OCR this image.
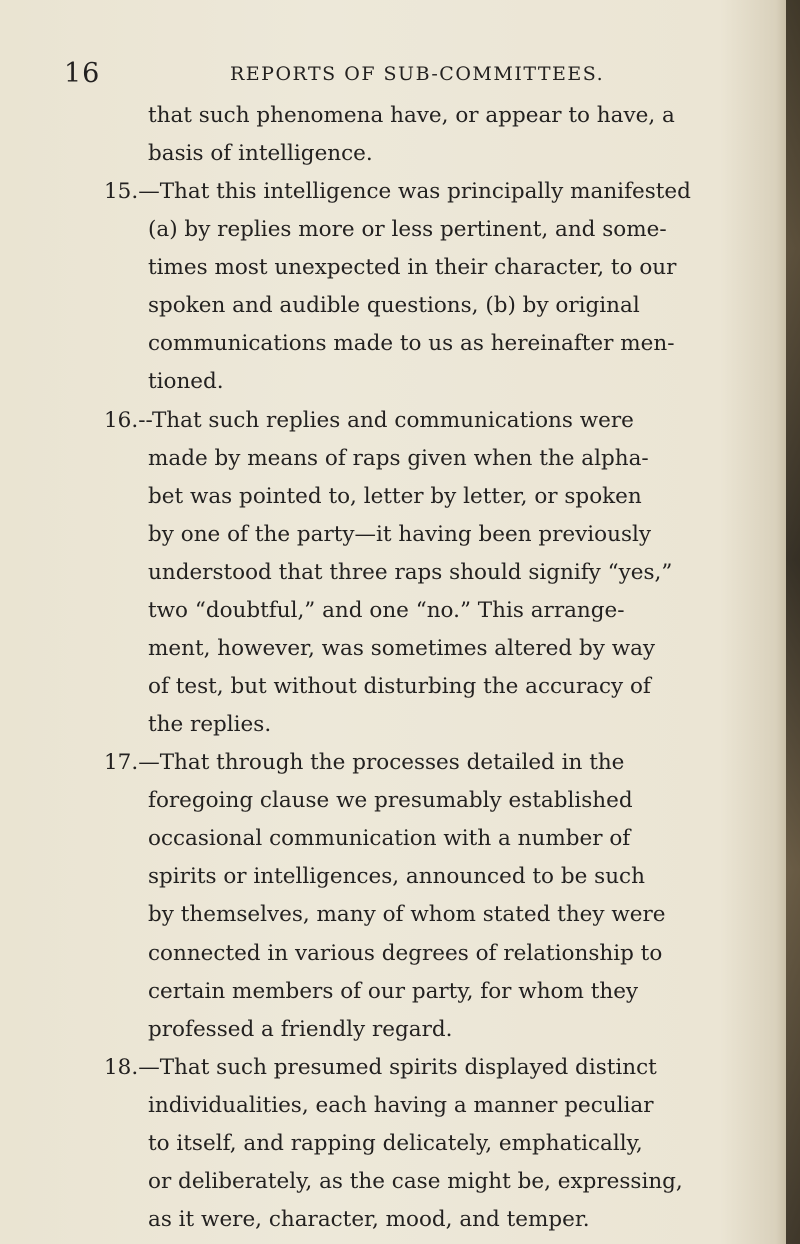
16	REPORTS OF SUB-COMMITTEES.
that such phenomena have, or appear to have, a
basis of intelligence.
15.—That this intelligence was principally manifested
(a) by replies more or less pertinent, and some-
times most unexpected in their character, to our
spoken and audible questions, (b) by original
communications made to us as hereinafter men-
tioned.
16.--That such replies and communications were
made by means of raps given when the alpha-
bet was pointed to, letter by letter, or spoken
by one of the party—it having been previously
understood that three raps should signify “yes,”
two “doubtful,” and one “no.” This arrange-
ment, however, was sometimes altered by way
of test, but without disturbing the accuracy of
the replies.
17.—That through the processes detailed in the
foregoing clause we presumably established
occasional communication with a number of
spirits or intelligences, announced to be such
by themselves, many of whom stated they were
connected in various degrees of relationship to
certain members of our party, for whom they
professed a friendly regard.
18.—That such presumed spirits displayed distinct
individualities, each having a manner peculiar
to itself, and rapping delicately, emphatically,
or deliberately, as the case might be, expressing,
as it were, character, mood, and temper.
